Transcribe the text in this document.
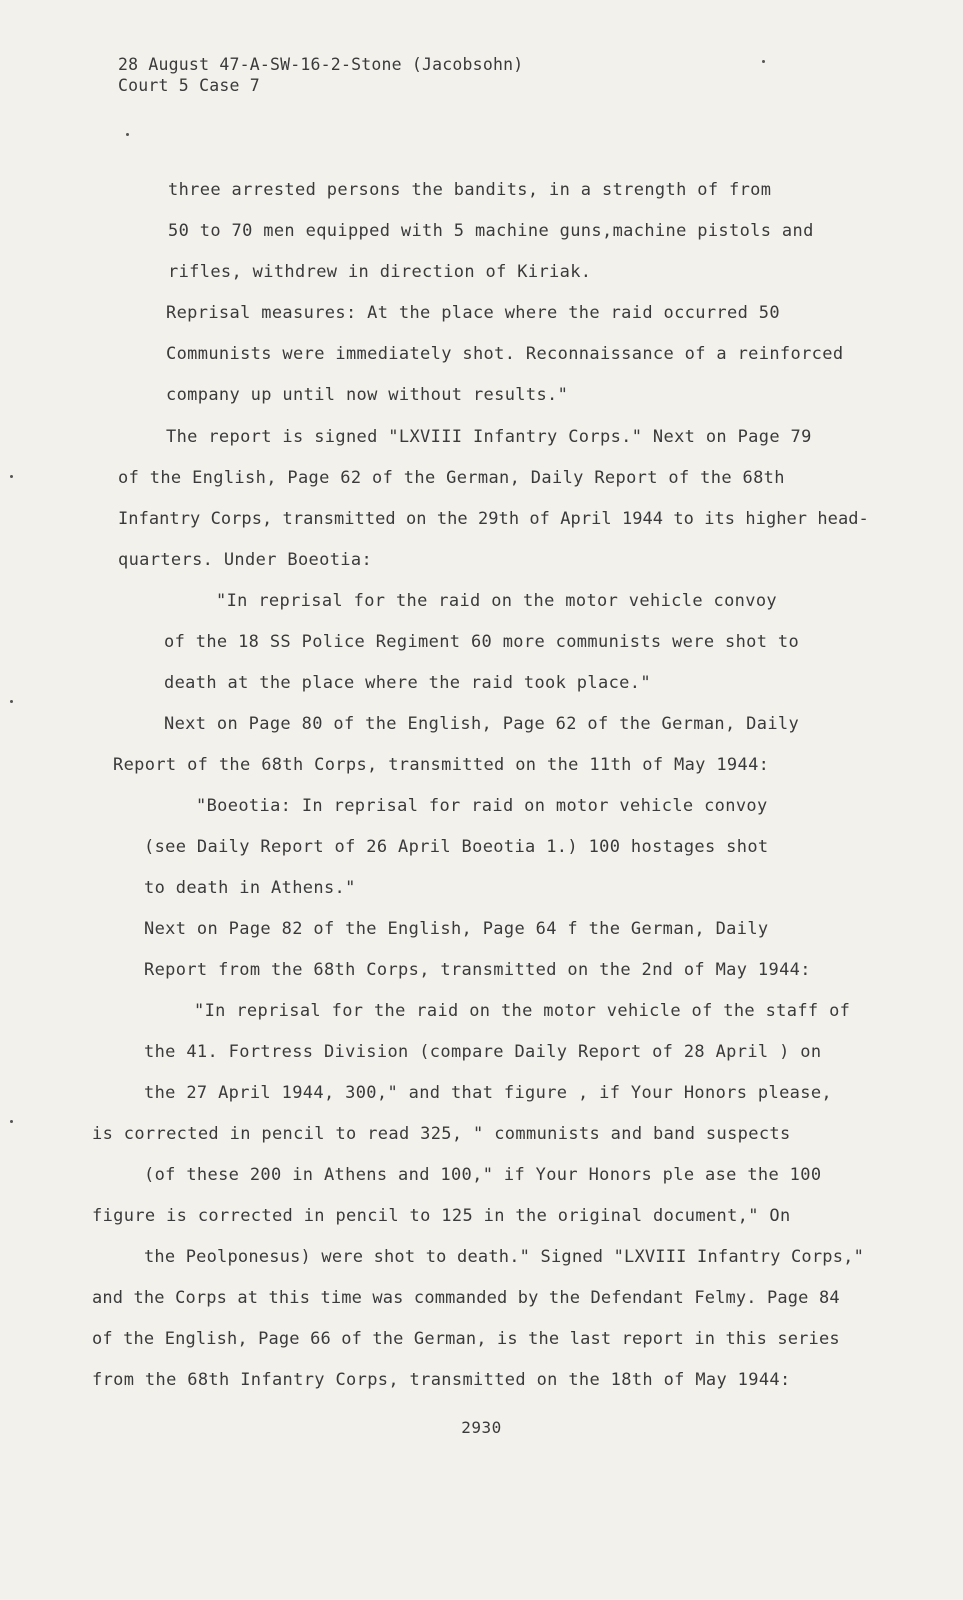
28 August 47-A-SW-16-2-Stone (Jacobsohn)
Court 5 Case 7
three arrested persons the bandits, in a strength of from
50 to 70 men equipped with 5 machine guns,machine pistols and
rifles, withdrew in direction of Kiriak.
Reprisal measures: At the place where the raid occurred 50
Communists were immediately shot. Reconnaissance of a reinforced
company up until now without results."
The report is signed "LXVIII Infantry Corps." Next on Page 79
of the English, Page 62 of the German, Daily Report of the 68th
Infantry Corps, transmitted on the 29th of April 1944 to its higher head-
quarters. Under Boeotia:
"In reprisal for the raid on the motor vehicle convoy
of the 18 SS Police Regiment 60 more communists were shot to
death at the place where the raid took place."
Next on Page 80 of the English, Page 62 of the German, Daily
Report of the 68th Corps, transmitted on the 11th of May 1944:
"Boeotia: In reprisal for raid on motor vehicle convoy
(see Daily Report of 26 April Boeotia 1.) 100 hostages shot
to death in Athens."
Next on Page 82 of the English, Page 64 f the German, Daily
Report from the 68th Corps, transmitted on the 2nd of May 1944:
"In reprisal for the raid on the motor vehicle of the staff of
the 41. Fortress Division (compare Daily Report of 28 April ) on
the 27 April 1944, 300," and that figure , if Your Honors please,
is corrected in pencil to read 325, " communists and band suspects
(of these 200 in Athens and 100," if Your Honors ple ase the 100
figure is corrected in pencil to 125 in the original document," On
the Peolponesus) were shot to death." Signed "LXVIII Infantry Corps,"
and the Corps at this time was commanded by the Defendant Felmy. Page 84
of the English, Page 66 of the German, is the last report in this series
from the 68th Infantry Corps, transmitted on the 18th of May 1944:
2930
